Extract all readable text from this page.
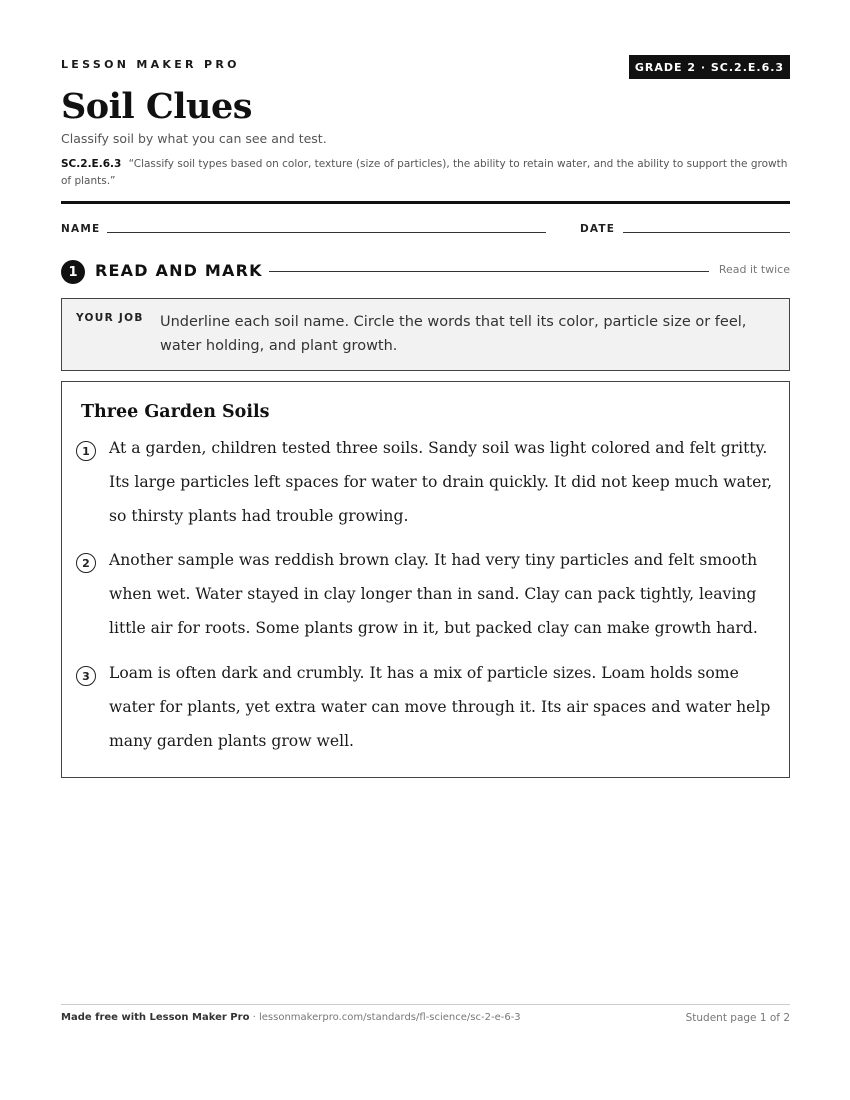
LESSON MAKER PRO	GRADE 2 · SC.2.E.6.3
Soil Clues
Classify soil by what you can see and test.
SC.2.E.6.3 “Classify soil types based on color, texture (size of particles), the ability to retain water, and the ability to support the growth of plants.”
NAME	DATE
1	READ AND MARK	Read it twice
YOUR JOB Underline each soil name. Circle the words that tell its color, particle size or feel, water holding, and plant growth.
Three Garden Soils
1	At a garden, children tested three soils. Sandy soil was light colored and felt gritty. Its large particles left spaces for water to drain quickly. It did not keep much water, so thirsty plants had trouble growing.
2	Another sample was reddish brown clay. It had very tiny particles and felt smooth when wet. Water stayed in clay longer than in sand. Clay can pack tightly, leaving little air for roots. Some plants grow in it, but packed clay can make growth hard.
3	Loam is often dark and crumbly. It has a mix of particle sizes. Loam holds some water for plants, yet extra water can move through it. Its air spaces and water help many garden plants grow well.
Made free with Lesson Maker Pro · lessonmakerpro.com/standards/fl-science/sc-2-e-6-3	Student page 1 of 2
